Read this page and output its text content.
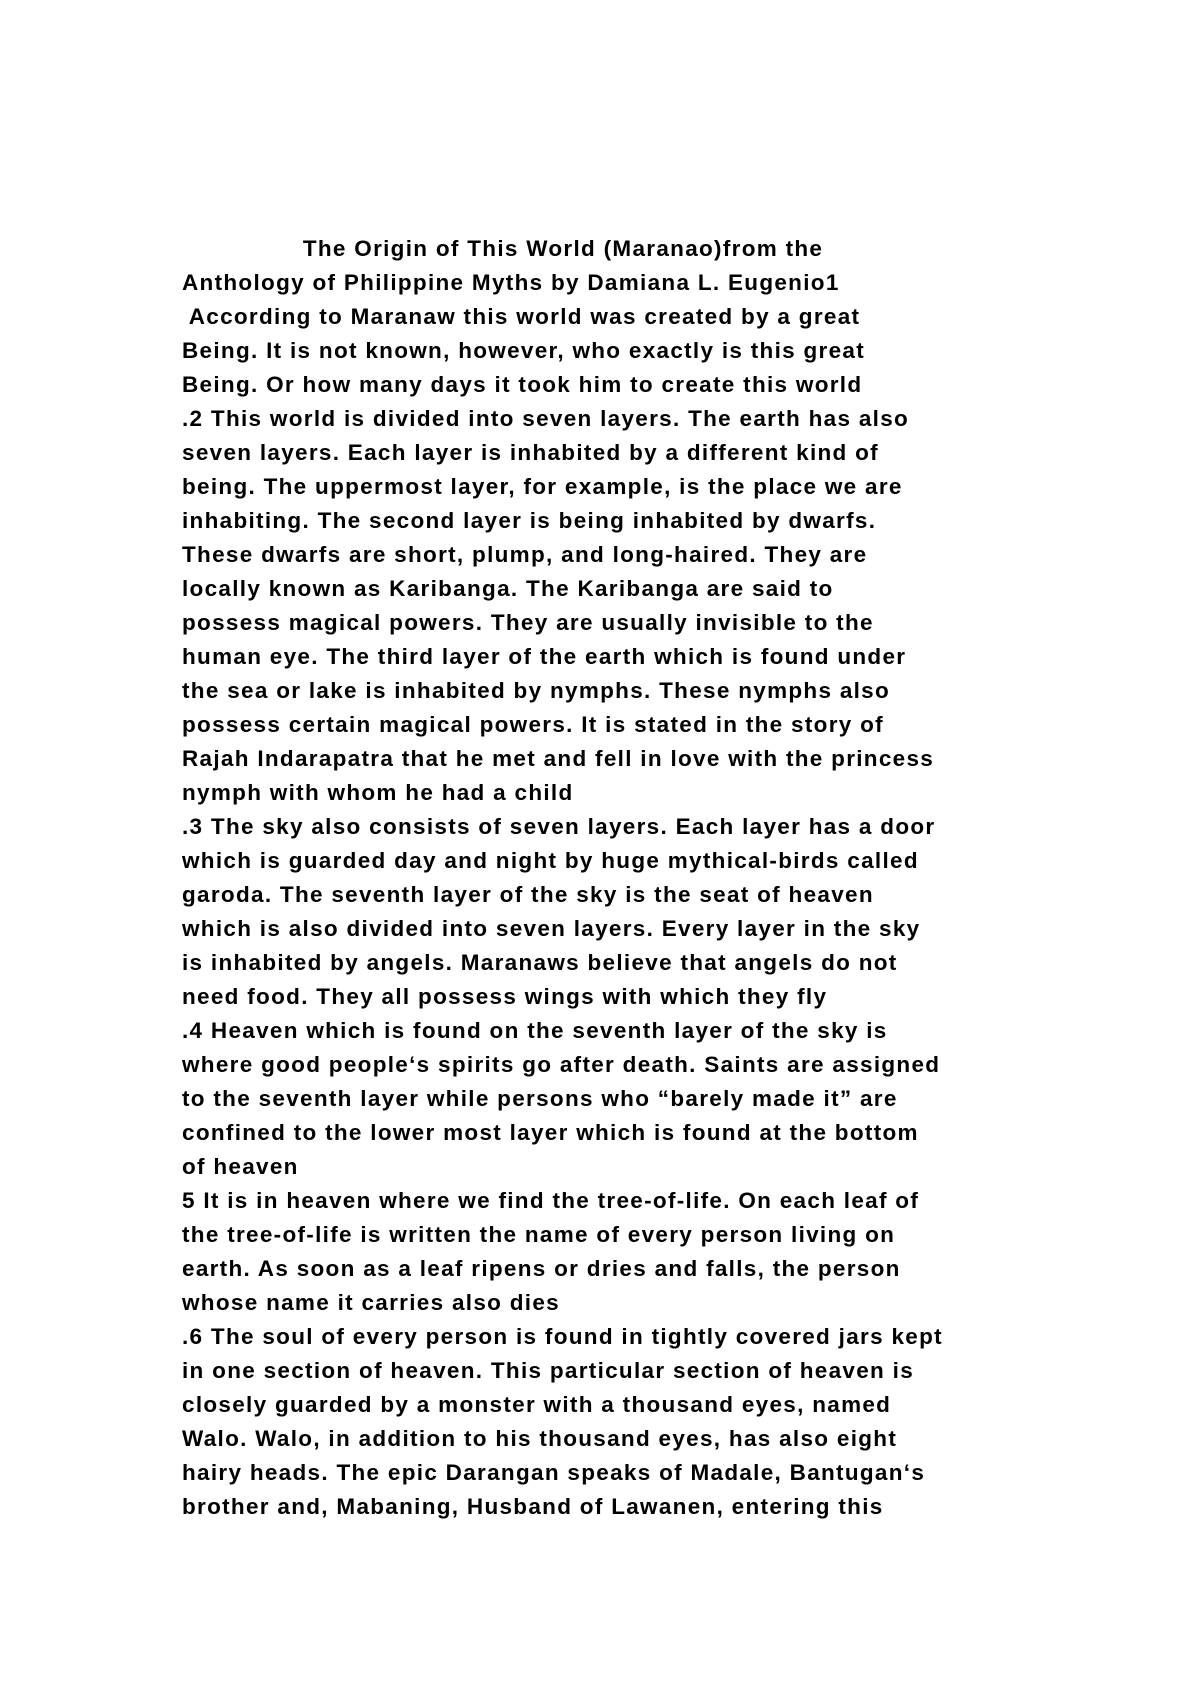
The Origin of This World (Maranao)from the
Anthology of Philippine Myths by Damiana L. Eugenio1
According to Maranaw this world was created by a great
Being. It is not known, however, who exactly is this great
Being. Or how many days it took him to create this world
.2 This world is divided into seven layers. The earth has also
seven layers. Each layer is inhabited by a different kind of
being. The uppermost layer, for example, is the place we are
inhabiting. The second layer is being inhabited by dwarfs.
These dwarfs are short, plump, and long-haired. They are
locally known as Karibanga. The Karibanga are said to
possess magical powers. They are usually invisible to the
human eye. The third layer of the earth which is found under
the sea or lake is inhabited by nymphs. These nymphs also
possess certain magical powers. It is stated in the story of
Rajah Indarapatra that he met and fell in love with the princess
nymph with whom he had a child
.3 The sky also consists of seven layers. Each layer has a door
which is guarded day and night by huge mythical-birds called
garoda. The seventh layer of the sky is the seat of heaven
which is also divided into seven layers. Every layer in the sky
is inhabited by angels. Maranaws believe that angels do not
need food. They all possess wings with which they fly
.4 Heaven which is found on the seventh layer of the sky is
where good people‘s spirits go after death. Saints are assigned
to the seventh layer while persons who “barely made it” are
confined to the lower most layer which is found at the bottom
of heaven
5 It is in heaven where we find the tree-of-life. On each leaf of
the tree-of-life is written the name of every person living on
earth. As soon as a leaf ripens or dries and falls, the person
whose name it carries also dies
.6 The soul of every person is found in tightly covered jars kept
in one section of heaven. This particular section of heaven is
closely guarded by a monster with a thousand eyes, named
Walo. Walo, in addition to his thousand eyes, has also eight
hairy heads. The epic Darangan speaks of Madale, Bantugan‘s
brother and, Mabaning, Husband of Lawanen, entering this
